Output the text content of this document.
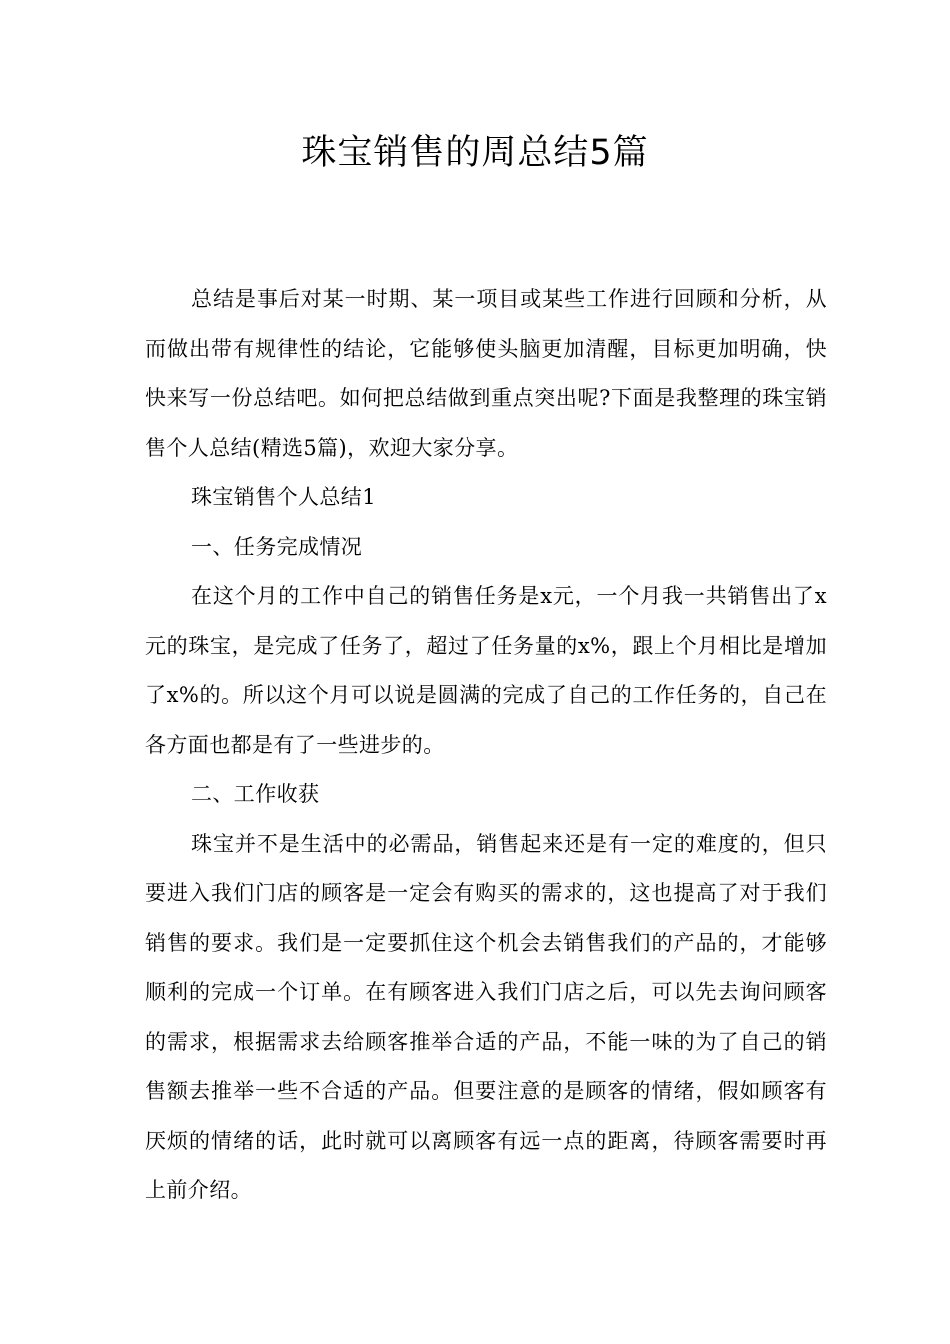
珠宝销售的周总结5篇

总结是事后对某一时期、某一项目或某些工作进行回顾和分析，从而做出带有规律性的结论，它能够使头脑更加清醒，目标更加明确，快快来写一份总结吧。如何把总结做到重点突出呢?下面是我整理的珠宝销售个人总结(精选5篇)，欢迎大家分享。

珠宝销售个人总结1

一、任务完成情况

在这个月的工作中自己的销售任务是x元，一个月我一共销售出了x元的珠宝，是完成了任务了，超过了任务量的x%，跟上个月相比是增加了x%的。所以这个月可以说是圆满的完成了自己的工作任务的，自己在各方面也都是有了一些进步的。

二、工作收获

珠宝并不是生活中的必需品，销售起来还是有一定的难度的，但只要进入我们门店的顾客是一定会有购买的需求的，这也提高了对于我们销售的要求。我们是一定要抓住这个机会去销售我们的产品的，才能够顺利的完成一个订单。在有顾客进入我们门店之后，可以先去询问顾客的需求，根据需求去给顾客推举合适的产品，不能一味的为了自己的销售额去推举一些不合适的产品。但要注意的是顾客的情绪，假如顾客有厌烦的情绪的话，此时就可以离顾客有远一点的距离，待顾客需要时再上前介绍。
